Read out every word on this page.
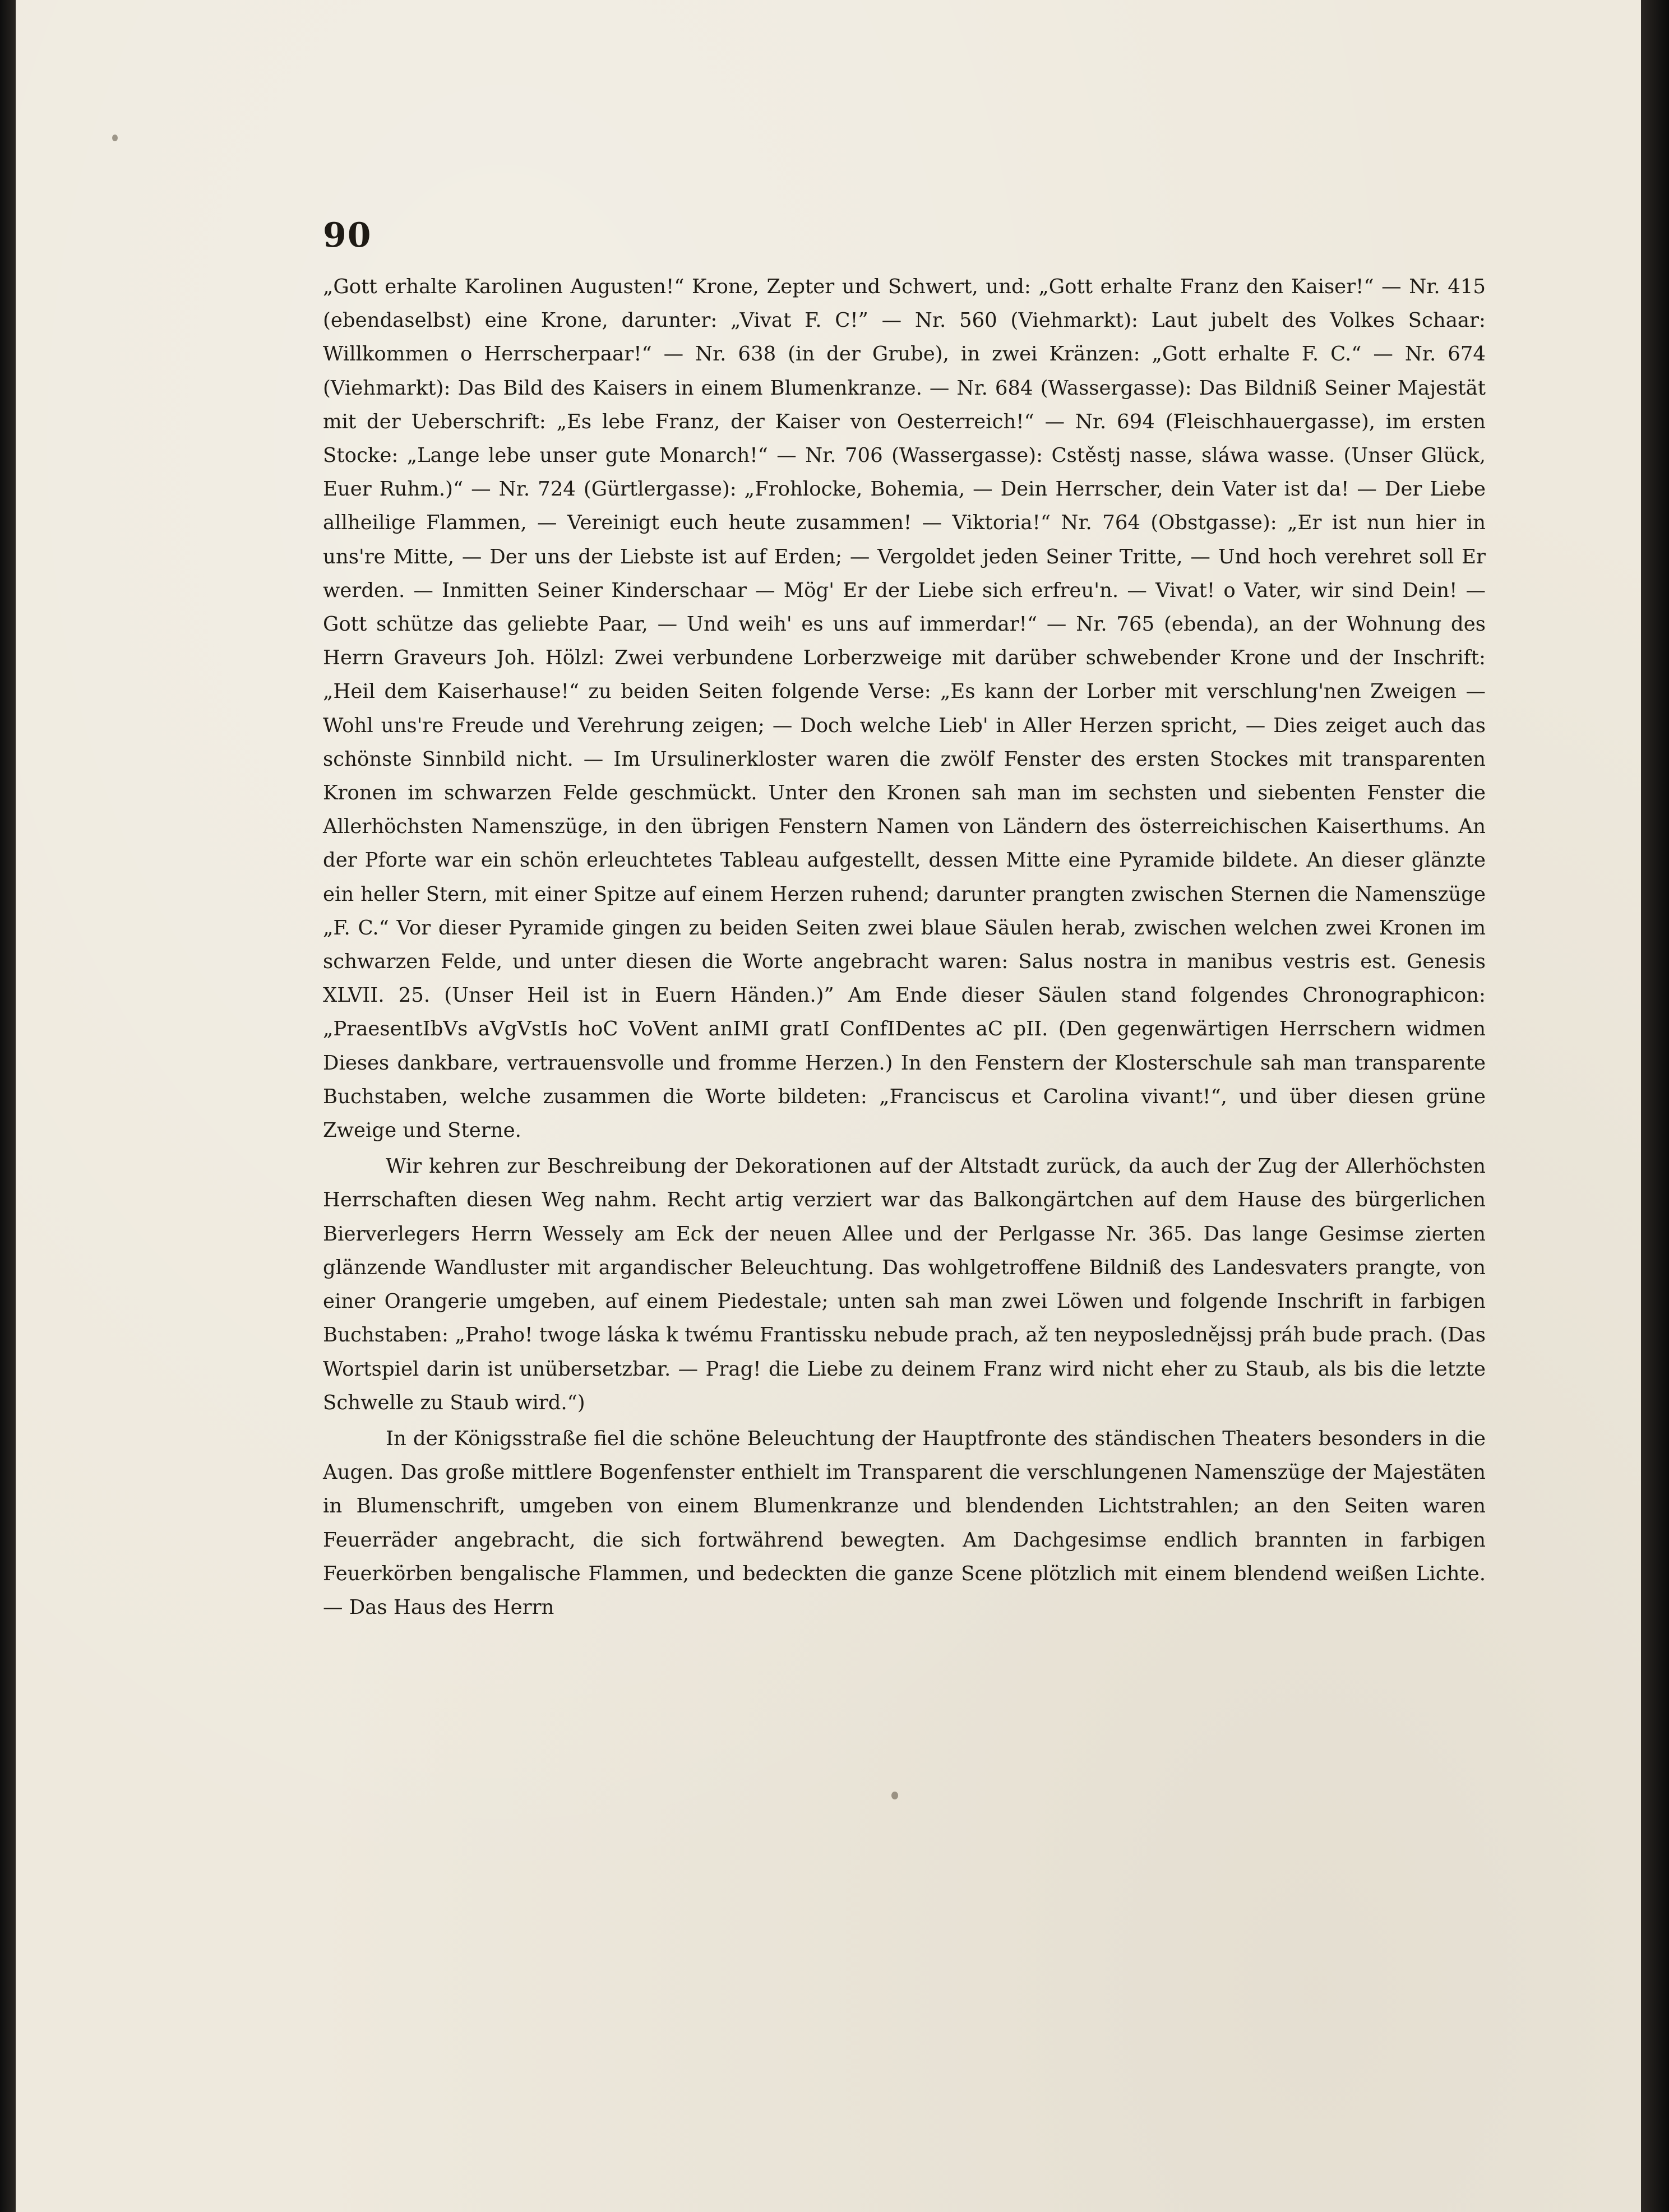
90

„Gott erhalte Karolinen Augusten!“ Krone, Zepter und Schwert, und: „Gott erhalte Franz den Kaiser!“ — Nr. 415 (ebendaselbst) eine Krone, darunter: „Vivat F. C!” — Nr. 560 (Viehmarkt): Laut jubelt des Volkes Schaar: Willkommen o Herrscherpaar!“ — Nr. 638 (in der Grube), in zwei Kränzen: „Gott erhalte F. C.“ — Nr. 674 (Viehmarkt): Das Bild des Kaisers in einem Blumenkranze. — Nr. 684 (Wassergasse): Das Bildniß Seiner Majestät mit der Ueberschrift: „Es lebe Franz, der Kaiser von Oesterreich!“ — Nr. 694 (Fleischhauergasse), im ersten Stocke: „Lange lebe unser gute Monarch!“ — Nr. 706 (Wassergasse): Cstěstj nasse, sláwa wasse. (Unser Glück, Euer Ruhm.)“ — Nr. 724 (Gürtlergasse): „Frohlocke, Bohemia, — Dein Herrscher, dein Vater ist da! — Der Liebe allheilige Flammen, — Vereinigt euch heute zusammen! — Viktoria!“ Nr. 764 (Obstgasse): „Er ist nun hier in uns're Mitte, — Der uns der Liebste ist auf Erden; — Vergoldet jeden Seiner Tritte, — Und hoch verehret soll Er werden. — Inmitten Seiner Kinderschaar — Mög' Er der Liebe sich erfreu'n. — Vivat! o Vater, wir sind Dein! — Gott schütze das geliebte Paar, — Und weih' es uns auf immerdar!“ — Nr. 765 (ebenda), an der Wohnung des Herrn Graveurs Joh. Hölzl: Zwei verbundene Lorberzweige mit darüber schwebender Krone und der Inschrift: „Heil dem Kaiserhause!“ zu beiden Seiten folgende Verse: „Es kann der Lorber mit verschlung'nen Zweigen — Wohl uns're Freude und Verehrung zeigen; — Doch welche Lieb' in Aller Herzen spricht, — Dies zeiget auch das schönste Sinnbild nicht. — Im Ursulinerkloster waren die zwölf Fenster des ersten Stockes mit transparenten Kronen im schwarzen Felde geschmückt. Unter den Kronen sah man im sechsten und siebenten Fenster die Allerhöchsten Namenszüge, in den übrigen Fenstern Namen von Ländern des österreichischen Kaiserthums. An der Pforte war ein schön erleuchtetes Tableau aufgestellt, dessen Mitte eine Pyramide bildete. An dieser glänzte ein heller Stern, mit einer Spitze auf einem Herzen ruhend; darunter prangten zwischen Sternen die Namenszüge „F. C.“ Vor dieser Pyramide gingen zu beiden Seiten zwei blaue Säulen herab, zwischen welchen zwei Kronen im schwarzen Felde, und unter diesen die Worte angebracht waren: Salus nostra in manibus vestris est. Genesis XLVII. 25. (Unser Heil ist in Euern Händen.)” Am Ende dieser Säulen stand folgendes Chronographicon: „PraesentIbVs aVgVstIs hoC VoVent anIMI gratI ConfIDentes aC pII. (Den gegenwärtigen Herrschern widmen Dieses dankbare, vertrauensvolle und fromme Herzen.) In den Fenstern der Klosterschule sah man transparente Buchstaben, welche zusammen die Worte bildeten: „Franciscus et Carolina vivant!“, und über diesen grüne Zweige und Sterne.

Wir kehren zur Beschreibung der Dekorationen auf der Altstadt zurück, da auch der Zug der Allerhöchsten Herrschaften diesen Weg nahm. Recht artig verziert war das Balkongärtchen auf dem Hause des bürgerlichen Bierverlegers Herrn Wessely am Eck der neuen Allee und der Perlgasse Nr. 365. Das lange Gesimse zierten glänzende Wandluster mit argandischer Beleuchtung. Das wohlgetroffene Bildniß des Landesvaters prangte, von einer Orangerie umgeben, auf einem Piedestale; unten sah man zwei Löwen und folgende Inschrift in farbigen Buchstaben: „Praho! twoge láska k twému Frantissku nebude prach, až ten neyposlednějssj práh bude prach. (Das Wortspiel darin ist unübersetzbar. — Prag! die Liebe zu deinem Franz wird nicht eher zu Staub, als bis die letzte Schwelle zu Staub wird.“)

In der Königsstraße fiel die schöne Beleuchtung der Hauptfronte des ständischen Theaters besonders in die Augen. Das große mittlere Bogenfenster enthielt im Transparent die verschlungenen Namenszüge der Majestäten in Blumenschrift, umgeben von einem Blumenkranze und blendenden Lichtstrahlen; an den Seiten waren Feuerräder angebracht, die sich fortwährend bewegten. Am Dachgesimse endlich brannten in farbigen Feuerkörben bengalische Flammen, und bedeckten die ganze Scene plötzlich mit einem blendend weißen Lichte. — Das Haus des Herrn
